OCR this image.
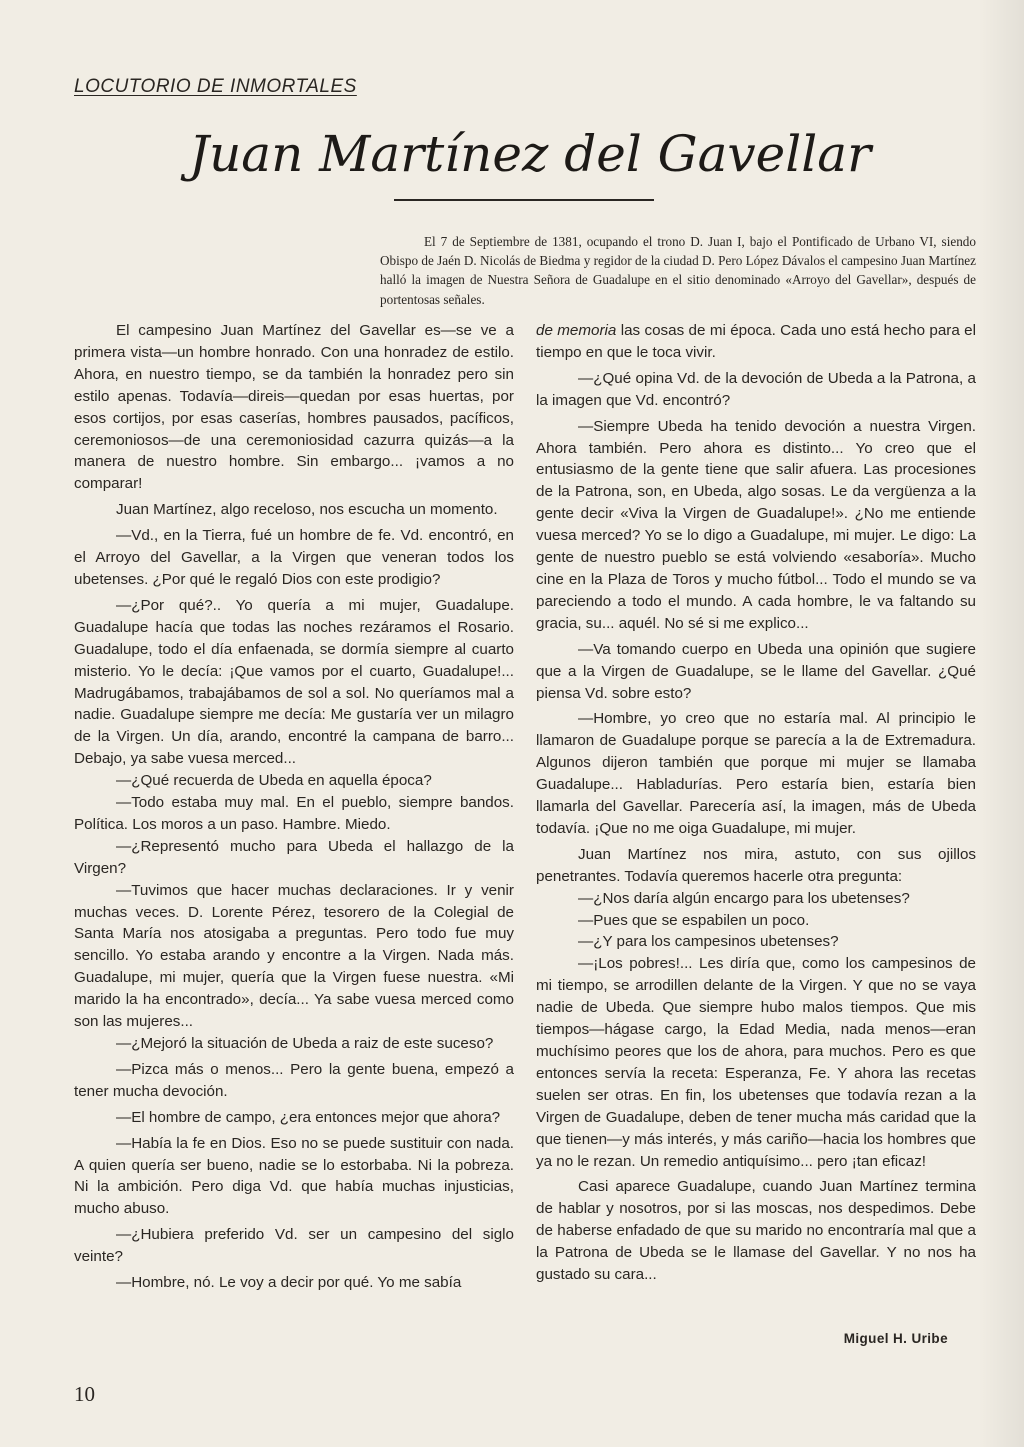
LOCUTORIO DE INMORTALES
Juan Martínez del Gavellar
El 7 de Septiembre de 1381, ocupando el trono D. Juan I, bajo el Pontificado de Urbano VI, siendo Obispo de Jaén D. Nicolás de Biedma y regidor de la ciudad D. Pero López Dávalos el campesino Juan Martínez halló la imagen de Nuestra Señora de Guadalupe en el sitio denominado «Arroyo del Gavellar», después de portentosas señales.

El campesino Juan Martínez del Gavellar es—se ve a primera vista—un hombre honrado. Con una honradez de estilo. Ahora, en nuestro tiempo, se da también la honradez pero sin estilo apenas. Todavía—direis—quedan por esas huertas, por esos cortijos, por esas caserías, hombres pausados, pacíficos, ceremoniosos—de una ceremoniosidad cazurra quizás—a la manera de nuestro hombre. Sin embargo... ¡vamos a no comparar!

Juan Martínez, algo receloso, nos escucha un momento.

—Vd., en la Tierra, fué un hombre de fe. Vd. encontró, en el Arroyo del Gavellar, a la Virgen que veneran todos los ubetenses. ¿Por qué le regaló Dios con este prodigio?

—¿Por qué?.. Yo quería a mi mujer, Guadalupe. Guadalupe hacía que todas las noches rezáramos el Rosario. Guadalupe, todo el día enfaenada, se dormía siempre al cuarto misterio. Yo le decía: ¡Que vamos por el cuarto, Guadalupe!... Madrugábamos, trabajábamos de sol a sol. No queríamos mal a nadie. Guadalupe siempre me decía: Me gustaría ver un milagro de la Virgen. Un día, arando, encontré la campana de barro... Debajo, ya sabe vuesa merced...

—¿Qué recuerda de Ubeda en aquella época?

—Todo estaba muy mal. En el pueblo, siempre bandos. Política. Los moros a un paso. Hambre. Miedo.

—¿Representó mucho para Ubeda el hallazgo de la Virgen?

—Tuvimos que hacer muchas declaraciones. Ir y venir muchas veces. D. Lorente Pérez, tesorero de la Colegial de Santa María nos atosigaba a preguntas. Pero todo fue muy sencillo. Yo estaba arando y encontre a la Virgen. Nada más. Guadalupe, mi mujer, quería que la Virgen fuese nuestra. «Mi marido la ha encontrado», decía... Ya sabe vuesa merced como son las mujeres...

—¿Mejoró la situación de Ubeda a raiz de este suceso?

—Pizca más o menos... Pero la gente buena, empezó a tener mucha devoción.

—El hombre de campo, ¿era entonces mejor que ahora?

—Había la fe en Dios. Eso no se puede sustituir con nada. A quien quería ser bueno, nadie se lo estorbaba. Ni la pobreza. Ni la ambición. Pero diga Vd. que había muchas injusticias, mucho abuso.

—¿Hubiera preferido Vd. ser un campesino del siglo veinte?

—Hombre, nó. Le voy a decir por qué. Yo me sabía

de memoria las cosas de mi época. Cada uno está hecho para el tiempo en que le toca vivir.

—¿Qué opina Vd. de la devoción de Ubeda a la Patrona, a la imagen que Vd. encontró?

—Siempre Ubeda ha tenido devoción a nuestra Virgen. Ahora también. Pero ahora es distinto... Yo creo que el entusiasmo de la gente tiene que salir afuera. Las procesiones de la Patrona, son, en Ubeda, algo sosas. Le da vergüenza a la gente decir «Viva la Virgen de Guadalupe!». ¿No me entiende vuesa merced? Yo se lo digo a Guadalupe, mi mujer. Le digo: La gente de nuestro pueblo se está volviendo «esaboría». Mucho cine en la Plaza de Toros y mucho fútbol... Todo el mundo se va pareciendo a todo el mundo. A cada hombre, le va faltando su gracia, su... aquél. No sé si me explico...

—Va tomando cuerpo en Ubeda una opinión que sugiere que a la Virgen de Guadalupe, se le llame del Gavellar. ¿Qué piensa Vd. sobre esto?

—Hombre, yo creo que no estaría mal. Al principio le llamaron de Guadalupe porque se parecía a la de Extremadura. Algunos dijeron también que porque mi mujer se llamaba Guadalupe... Habladurías. Pero estaría bien, estaría bien llamarla del Gavellar. Parecería así, la imagen, más de Ubeda todavía. ¡Que no me oiga Guadalupe, mi mujer.

Juan Martínez nos mira, astuto, con sus ojillos penetrantes. Todavía queremos hacerle otra pregunta:

—¿Nos daría algún encargo para los ubetenses?

—Pues que se espabilen un poco.

—¿Y para los campesinos ubetenses?

—¡Los pobres!... Les diría que, como los campesinos de mi tiempo, se arrodillen delante de la Virgen. Y que no se vaya nadie de Ubeda. Que siempre hubo malos tiempos. Que mis tiempos—hágase cargo, la Edad Media, nada menos—eran muchísimo peores que los de ahora, para muchos. Pero es que entonces servía la receta: Esperanza, Fe. Y ahora las recetas suelen ser otras. En fin, los ubetenses que todavía rezan a la Virgen de Guadalupe, deben de tener mucha más caridad que la que tienen—y más interés, y más cariño—hacia los hombres que ya no le rezan. Un remedio antiquísimo... pero ¡tan eficaz!

Casi aparece Guadalupe, cuando Juan Martínez termina de hablar y nosotros, por si las moscas, nos despedimos. Debe de haberse enfadado de que su marido no encontraría mal que a la Patrona de Ubeda se le llamase del Gavellar. Y no nos ha gustado su cara...

Miguel H. Uribe
10
